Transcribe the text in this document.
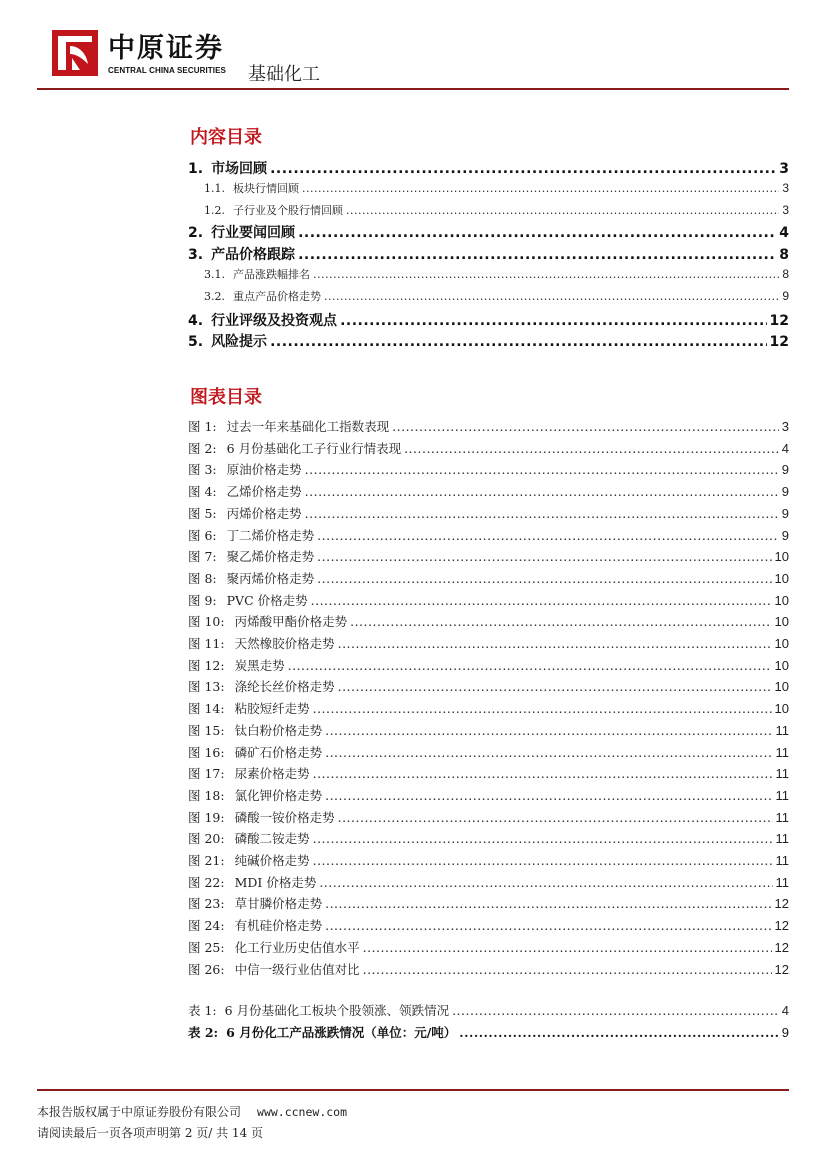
中原证券
CENTRAL CHINA SECURITIES 基础化工
内容目录
1. 市场回顾 .....	3
1.1. 板块行情回顾 .....	3
1.2. 子行业及个股行情回顾 .....	3
2. 行业要闻回顾 .....	4
3. 产品价格跟踪 .....	8
3.1. 产品涨跌幅排名 .....	8
3.2. 重点产品价格走势 .....	9
4. 行业评级及投资观点 .....	12
5. 风险提示 .....	12
图表目录
图 1: 过去一年来基础化工指数表现 .....	3
图 2: 6 月份基础化工子行业行情表现 .....	4
图 3: 原油价格走势 .....	9
图 4: 乙烯价格走势 .....	9
图 5: 丙烯价格走势 .....	9
图 6: 丁二烯价格走势 .....	9
图 7: 聚乙烯价格走势 .....	10
图 8: 聚丙烯价格走势 .....	10
图 9: PVC 价格走势 .....	10
图 10: 丙烯酸甲酯价格走势 .....	10
图 11: 天然橡胶价格走势 .....	10
图 12: 炭黑走势 .....	10
图 13: 涤纶长丝价格走势 .....	10
图 14: 粘胶短纤走势 .....	10
图 15: 钛白粉价格走势 .....	11
图 16: 磷矿石价格走势 .....	11
图 17: 尿素价格走势 .....	11
图 18: 氯化钾价格走势 .....	11
图 19: 磷酸一铵价格走势 .....	11
图 20: 磷酸二铵走势 .....	11
图 21: 纯碱价格走势 .....	11
图 22: MDI 价格走势 .....	11
图 23: 草甘膦价格走势 .....	12
图 24: 有机硅价格走势 .....	12
图 25: 化工行业历史估值水平 .....	12
图 26: 中信一级行业估值对比 .....	12
表 1: 6 月份基础化工板块个股领涨、领跌情况 .....	4
表 2: 6 月份化工产品涨跌情况（单位：元/吨） .....	9
本报告版权属于中原证券股份有限公司 www.ccnew.com
请阅读最后一页各项声明第 2 页/ 共 14 页
